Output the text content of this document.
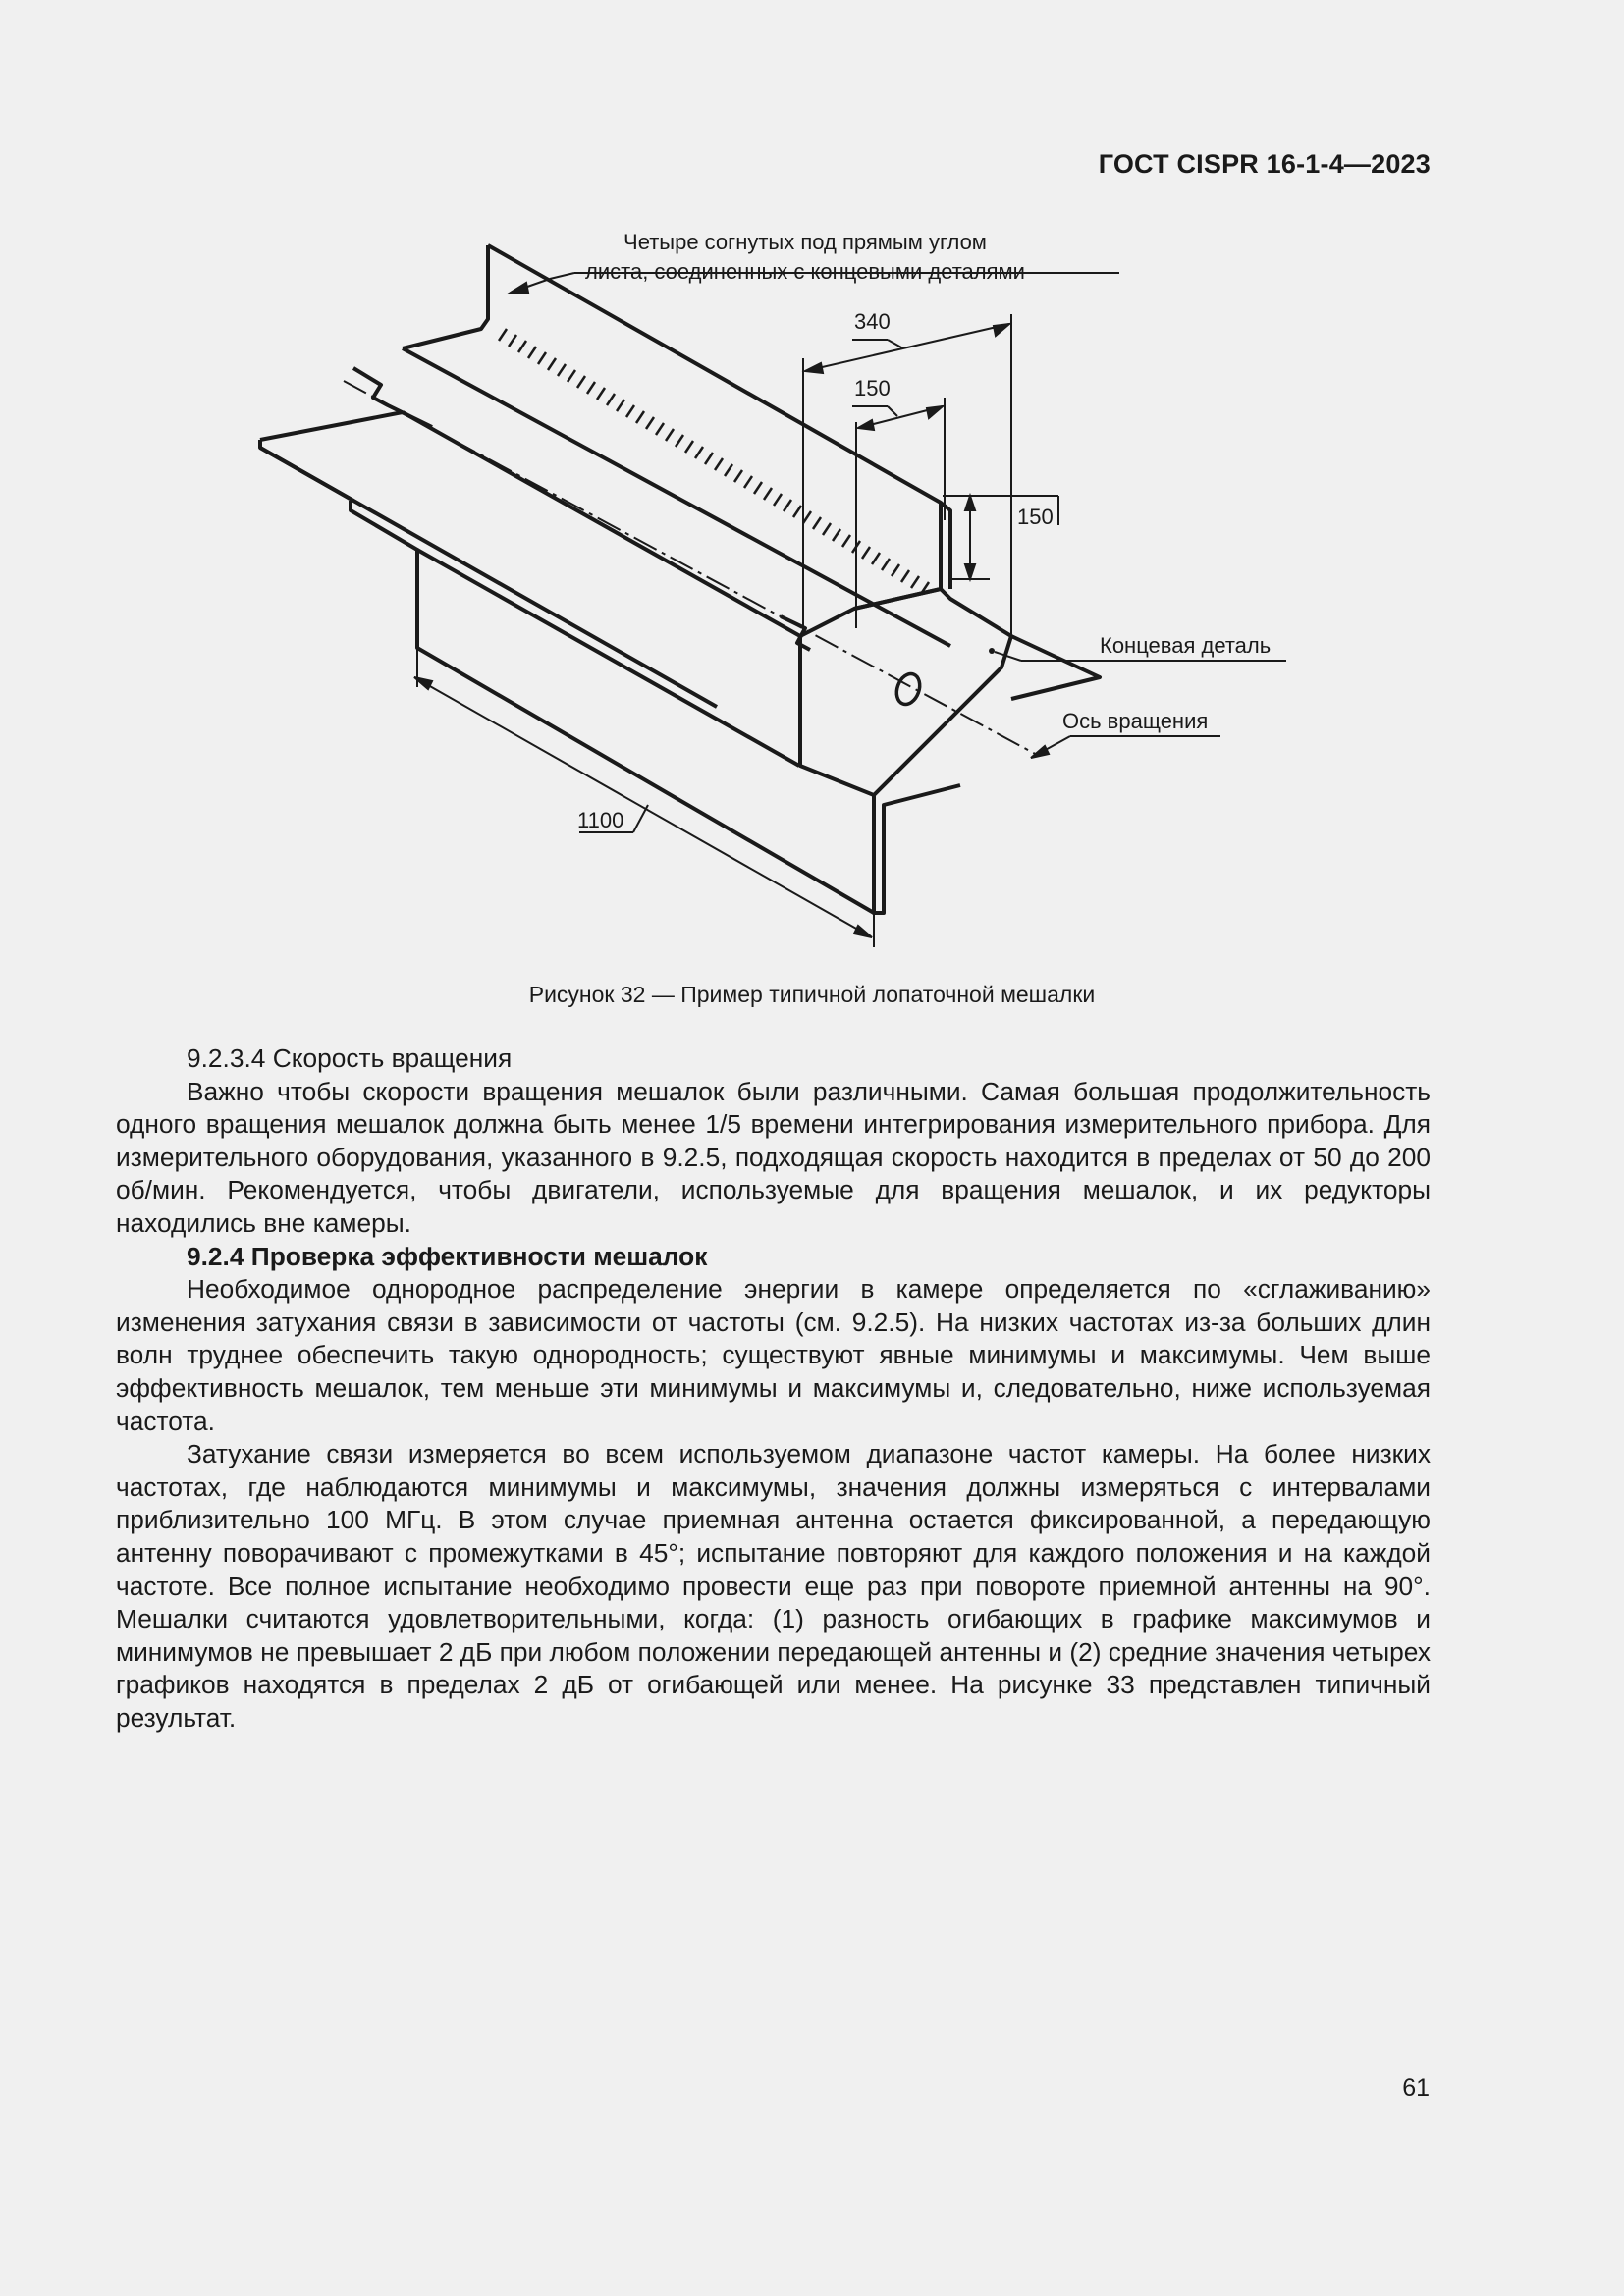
ГОСТ CISPR 16-1-4—2023
Четыре согнутых под прямым углом
листа, соединенных с концевыми деталями
340
150
150
Концевая деталь
Ось вращения
1100
Рисунок 32 — Пример типичной лопаточной мешалки

9.2.3.4 Скорость вращения

Важно чтобы скорости вращения мешалок были различными. Самая большая продолжительность одного вращения мешалок должна быть менее 1/5 времени интегрирования измерительного прибора. Для измерительного оборудования, указанного в 9.2.5, подходящая скорость находится в пределах от 50 до 200 об/мин. Рекомендуется, чтобы двигатели, используемые для вращения мешалок, и их редукторы находились вне камеры.

9.2.4 Проверка эффективности мешалок

Необходимое однородное распределение энергии в камере определяется по «сглаживанию» изменения затухания связи в зависимости от частоты (см. 9.2.5). На низких частотах из-за больших длин волн труднее обеспечить такую однородность; существуют явные минимумы и максимумы. Чем выше эффективность мешалок, тем меньше эти минимумы и максимумы и, следовательно, ниже используемая частота.

Затухание связи измеряется во всем используемом диапазоне частот камеры. На более низких частотах, где наблюдаются минимумы и максимумы, значения должны измеряться с интервалами приблизительно 100 МГц. В этом случае приемная антенна остается фиксированной, а передающую антенну поворачивают с промежутками в 45°; испытание повторяют для каждого положения и на каждой частоте. Все полное испытание необходимо провести еще раз при повороте приемной антенны на 90°. Мешалки считаются удовлетворительными, когда: (1) разность огибающих в графике максимумов и минимумов не превышает 2 дБ при любом положении передающей антенны и (2) средние значения четырех графиков находятся в пределах 2 дБ от огибающей или менее. На рисунке 33 представлен типичный результат.

61
